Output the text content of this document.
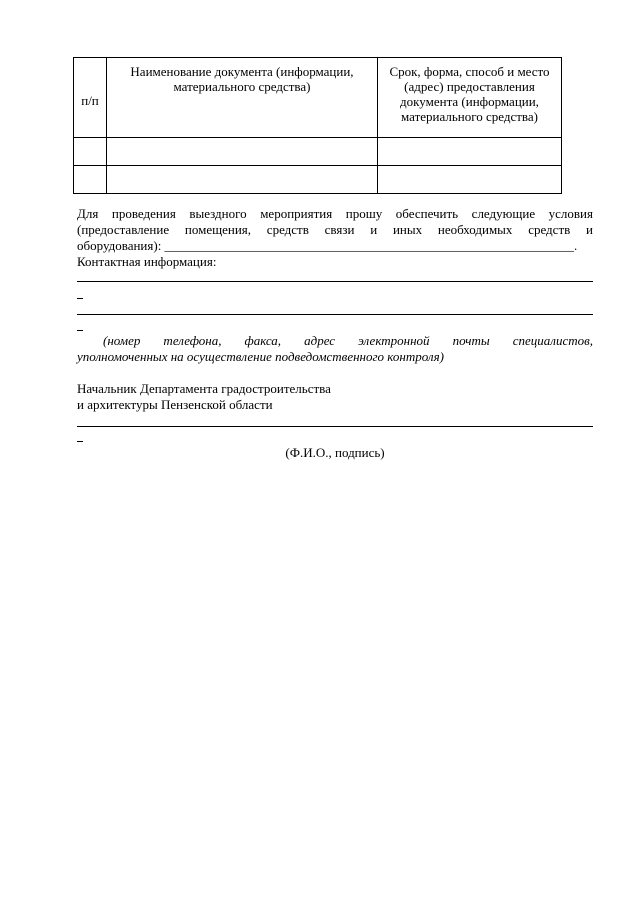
п/п	Наименование документа (информации, материального средства)	Срок, форма, способ и место (адрес) предоставления документа (информации, материального средства)

Для проведения выездного мероприятия прошу обеспечить следующие условия
(предоставление помещения, средств связи и иных необходимых средств и
оборудования): _______________________________________________________________.
Контактная информация:
(номер телефона, факса, адрес электронной почты специалистов,
уполномоченных на осуществление подведомственного контроля)
Начальник Департамента градостроительства
и архитектуры Пензенской области
(Ф.И.О., подпись)
